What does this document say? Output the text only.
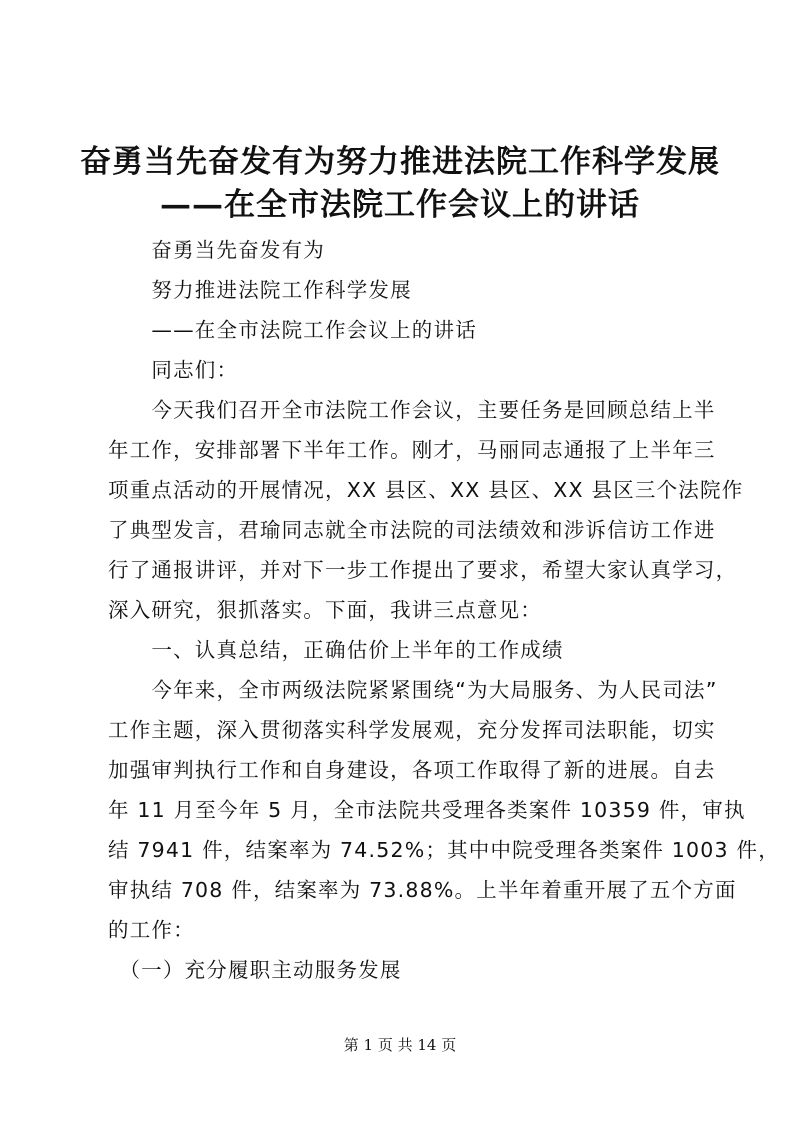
奋勇当先奋发有为努力推进法院工作科学发展
——在全市法院工作会议上的讲话
　　奋勇当先奋发有为
　　努力推进法院工作科学发展
　　——在全市法院工作会议上的讲话
　　同志们：
　　今天我们召开全市法院工作会议，主要任务是回顾总结上半
年工作，安排部署下半年工作。刚才，马丽同志通报了上半年三
项重点活动的开展情况，XX 县区、XX 县区、XX 县区三个法院作
了典型发言，君瑜同志就全市法院的司法绩效和涉诉信访工作进
行了通报讲评，并对下一步工作提出了要求，希望大家认真学习，
深入研究，狠抓落实。下面，我讲三点意见：
　　一、认真总结，正确估价上半年的工作成绩
　　今年来，全市两级法院紧紧围绕“为大局服务、为人民司法”
工作主题，深入贯彻落实科学发展观，充分发挥司法职能，切实
加强审判执行工作和自身建设，各项工作取得了新的进展。自去
年 11 月至今年 5 月，全市法院共受理各类案件 10359 件，审执
结 7941 件，结案率为 74.52%；其中中院受理各类案件 1003 件，
审执结 708 件，结案率为 73.88%。上半年着重开展了五个方面
的工作：
　（一）充分履职主动服务发展
第 1 页 共 14 页
